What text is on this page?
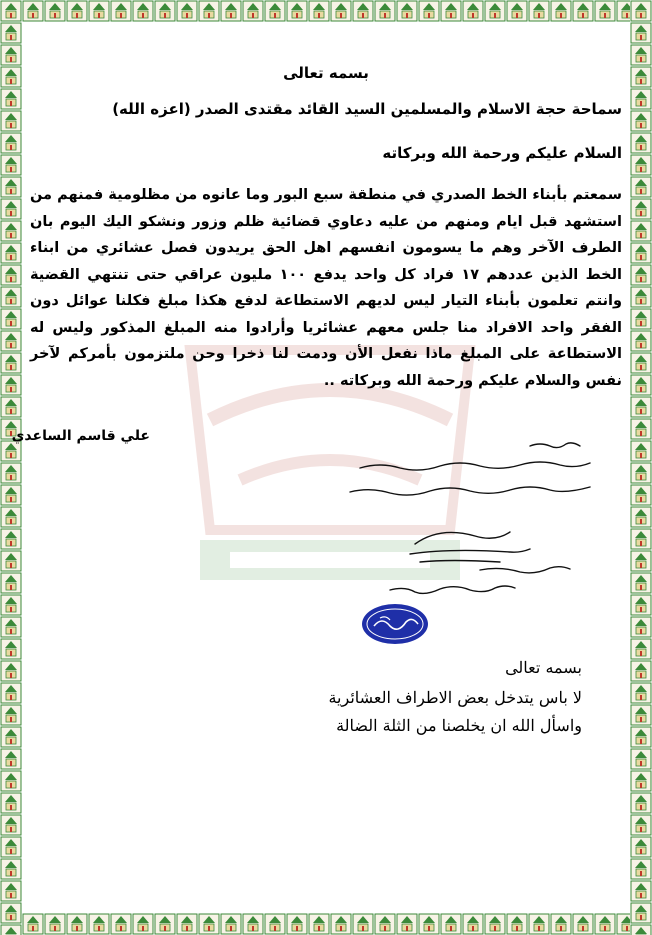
بسمه تعالى
سماحة حجة الاسلام والمسلمين السيد القائد مقتدى الصدر (اعزه الله)
السلام عليكم ورحمة الله وبركاته
سمعتم بأبناء الخط الصدري في منطقة سبع البور وما عانوه من مظلومية فمنهم من استشهد قبل ايام ومنهم من عليه دعاوي قضائية ظلم وزور ونشكو اليك اليوم بان الطرف الآخر وهم ما يسومون انفسهم اهل الحق يريدون فصل عشائري من ابناء الخط الذين عددهم ١٧ فراد كل واحد يدفع ١٠٠ مليون عراقي حتى تنتهي القضية وانتم تعلمون بأبناء التيار ليس لديهم الاستطاعة لدفع هكذا مبلغ فكلنا عوائل دون الفقر واحد الافراد منا جلس معهم عشائريا وأرادوا منه المبلغ المذكور وليس له الاستطاعة على المبلغ ماذا نفعل الأن ودمت لنا ذخرا وحن ملتزمون بأمركم لآخر نفس والسلام عليكم ورحمة الله وبركاته ..
علي قاسم الساعدي
بسمه تعالى
لا باس يتدخل بعض الاطراف العشائرية
واسأل الله ان يخلصنا من الثلة الضالة
